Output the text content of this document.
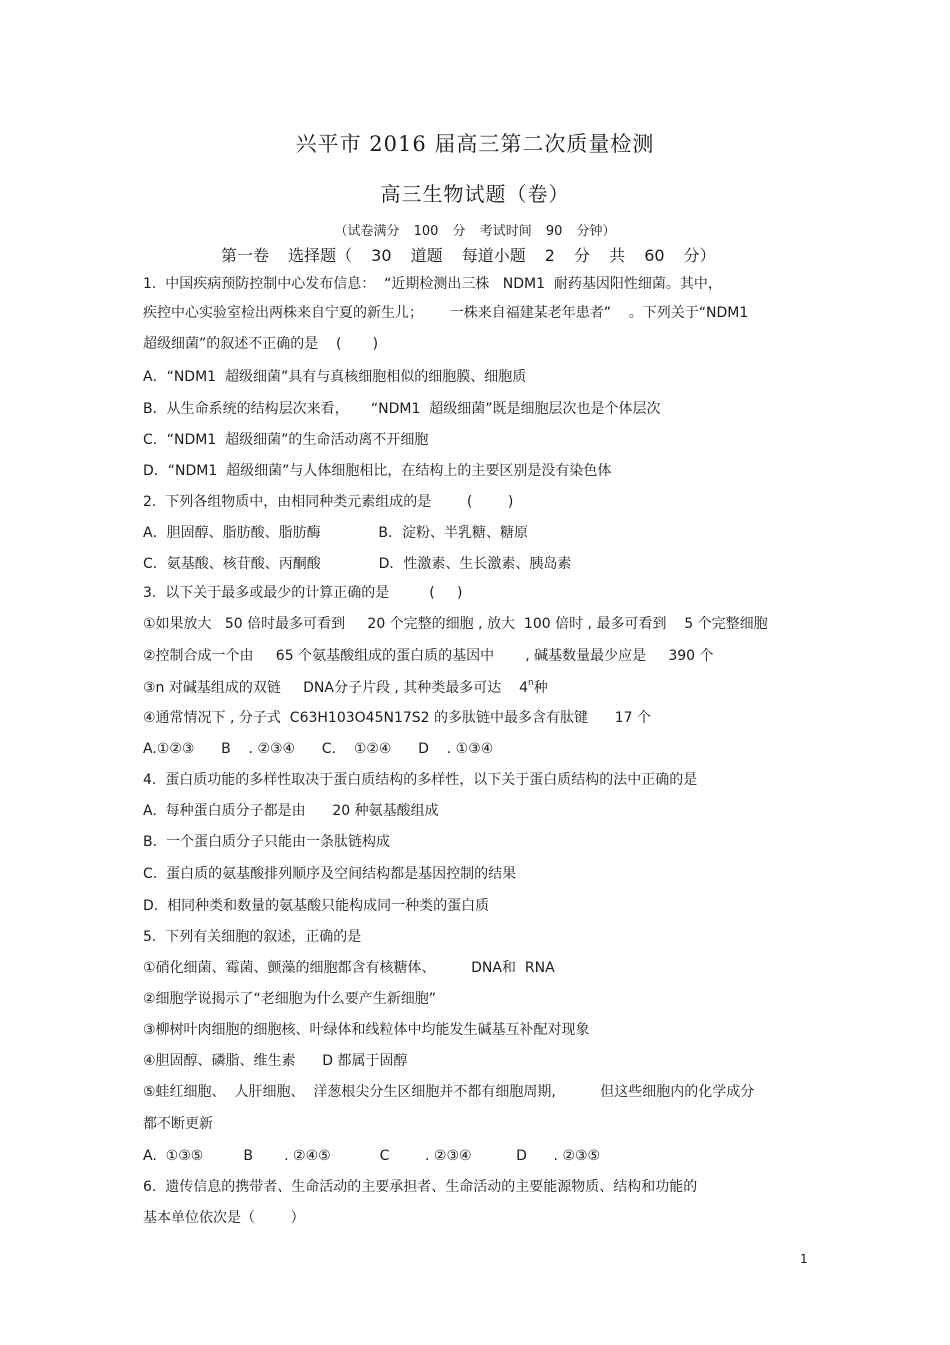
兴平市 2016 届高三第二次质量检测
高三生物试题（卷）
（试卷满分 100 分 考试时间 90 分钟）
第一卷 选择题（ 30 道题 每道小题 2 分 共 60 分）
1.  中国疾病预防控制中心发布信息：  “近期检测出三株   NDM1  耐药基因阳性细菌。其中，
疾控中心实验室检出两株来自宁夏的新生儿；      一株来自福建某老年患者”    。下列关于“NDM1
超级细菌”的叙述不正确的是    (       )
A．“NDM1  超级细菌”具有与真核细胞相似的细胞膜、细胞质
B．从生命系统的结构层次来看，     “NDM1  超级细菌”既是细胞层次也是个体层次
C．“NDM1  超级细菌”的生命活动离不开细胞
D．“NDM1  超级细菌”与人体细胞相比，在结构上的主要区别是没有染色体
2.  下列各组物质中，由相同种类元素组成的是        (        )
A．胆固醇、脂肪酸、脂肪酶             B．淀粉、半乳糖、糖原
C．氨基酸、核苷酸、丙酮酸             D．性激素、生长激素、胰岛素
3.  以下关于最多或最少的计算正确的是         (     )
①如果放大   50 倍时最多可看到     20 个完整的细胞 , 放大  100 倍时 , 最多可看到    5 个完整细胞
②控制合成一个由     65 个氨基酸组成的蛋白质的基因中       , 碱基数量最少应是     390 个
③n 对碱基组成的双链     DNA分子片段 , 其种类最多可达    4$^n$种
④通常情况下 , 分子式  C63H103O45N17S2 的多肽链中最多含有肽键      17 个
A.①②③      B    . ②③④      C.    ①②④      D    . ①③④
4.  蛋白质功能的多样性取决于蛋白质结构的多样性，以下关于蛋白质结构的法中正确的是
A.  每种蛋白质分子都是由      20 种氨基酸组成
B.  一个蛋白质分子只能由一条肽链构成
C.  蛋白质的氨基酸排列顺序及空间结构都是基因控制的结果
D.  相同种类和数量的氨基酸只能构成同一种类的蛋白质
5.  下列有关细胞的叙述，正确的是
①硝化细菌、霉菌、颤藻的细胞都含有核糖体、        DNA和  RNA
②细胞学说揭示了“老细胞为什么要产生新细胞”
③柳树叶肉细胞的细胞核、叶绿体和线粒体中均能发生碱基互补配对现象
④胆固醇、磷脂、维生素      D 都属于固醇
⑤蛙红细胞、  人肝细胞、  洋葱根尖分生区细胞并不都有细胞周期,          但这些细胞内的化学成分
都不断更新
A.  ①③⑤         B       . ②④⑤           C        . ②③④          D      . ②③⑤
6.  遗传信息的携带者、生命活动的主要承担者、生命活动的主要能源物质、结构和功能的
基本单位依次是（        ）
1
